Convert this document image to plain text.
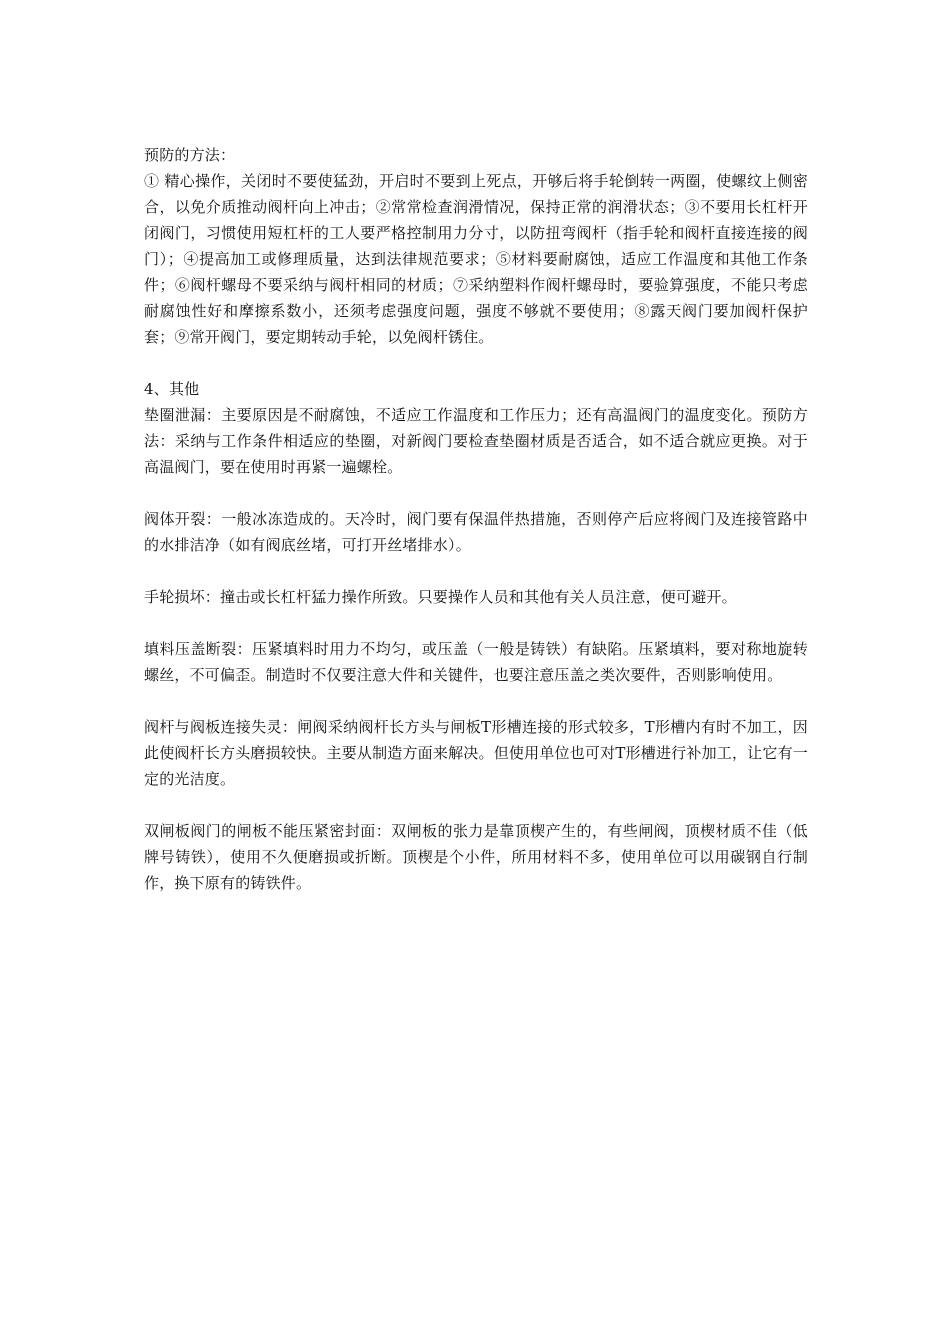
预防的方法：

① 精心操作，关闭时不要使猛劲，开启时不要到上死点，开够后将手轮倒转一两圈，使螺纹上侧密合，以免介质推动阀杆向上冲击；②常常检查润滑情况，保持正常的润滑状态；③不要用长杠杆开闭阀门，习惯使用短杠杆的工人要严格控制用力分寸，以防扭弯阀杆（指手轮和阀杆直接连接的阀门）；④提高加工或修理质量，达到法律规范要求；⑤材料要耐腐蚀，适应工作温度和其他工作条件；⑥阀杆螺母不要采纳与阀杆相同的材质；⑦采纳塑料作阀杆螺母时，要验算强度，不能只考虑耐腐蚀性好和摩擦系数小，还须考虑强度问题，强度不够就不要使用；⑧露天阀门要加阀杆保护套；⑨常开阀门，要定期转动手轮，以免阀杆锈住。

4、其他

垫圈泄漏：主要原因是不耐腐蚀，不适应工作温度和工作压力；还有高温阀门的温度变化。预防方法：采纳与工作条件相适应的垫圈，对新阀门要检查垫圈材质是否适合，如不适合就应更换。对于高温阀门，要在使用时再紧一遍螺栓。

阀体开裂：一般冰冻造成的。天冷时，阀门要有保温伴热措施，否则停产后应将阀门及连接管路中的水排洁净（如有阀底丝堵，可打开丝堵排水）。

手轮损坏：撞击或长杠杆猛力操作所致。只要操作人员和其他有关人员注意，便可避开。

填料压盖断裂：压紧填料时用力不均匀，或压盖（一般是铸铁）有缺陷。压紧填料，要对称地旋转螺丝，不可偏歪。制造时不仅要注意大件和关键件，也要注意压盖之类次要件，否则影响使用。

阀杆与阀板连接失灵：闸阀采纳阀杆长方头与闸板T形槽连接的形式较多，T形槽内有时不加工，因此使阀杆长方头磨损较快。主要从制造方面来解决。但使用单位也可对T形槽进行补加工，让它有一定的光洁度。

双闸板阀门的闸板不能压紧密封面：双闸板的张力是靠顶楔产生的，有些闸阀，顶楔材质不佳（低牌号铸铁），使用不久便磨损或折断。顶楔是个小件，所用材料不多，使用单位可以用碳钢自行制作，换下原有的铸铁件。
